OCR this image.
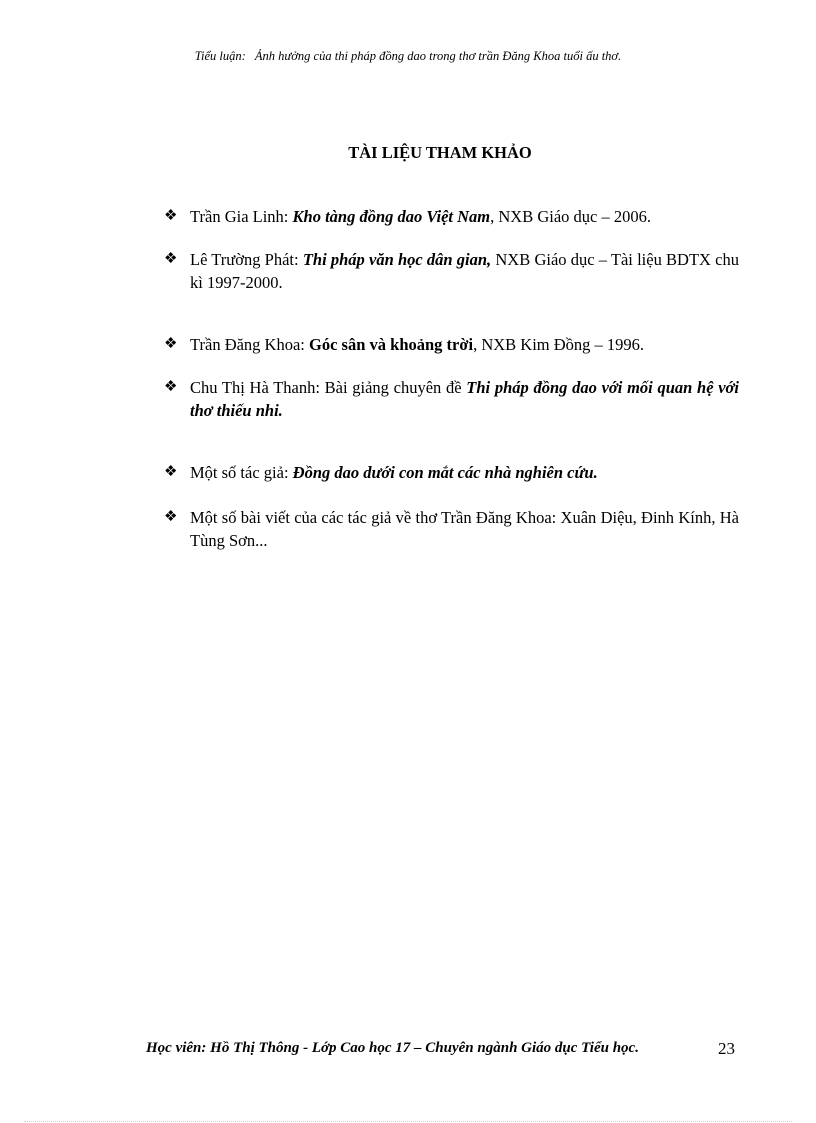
Tiểu luận: Ảnh hưởng của thi pháp đồng dao trong thơ trần Đăng Khoa tuổi ấu thơ.
TÀI LIỆU THAM KHẢO
❖ Trần Gia Linh: Kho tàng đồng dao Việt Nam, NXB Giáo dục – 2006.
❖ Lê Trường Phát: Thi pháp văn học dân gian, NXB Giáo dục – Tài liệu BDTX chu kì 1997-2000.
❖ Trần Đăng Khoa: Góc sân và khoảng trời, NXB Kim Đồng – 1996.
❖ Chu Thị Hà Thanh: Bài giảng chuyên đề Thi pháp đồng dao với mối quan hệ với thơ thiếu nhi.
❖ Một số tác giả: Đồng dao dưới con mắt các nhà nghiên cứu.
❖ Một số bài viết của các tác giả về thơ Trần Đăng Khoa: Xuân Diệu, Đinh Kính, Hà Tùng Sơn...
Học viên: Hồ Thị Thông - Lớp Cao học 17 – Chuyên ngành Giáo dục Tiểu học.	23
